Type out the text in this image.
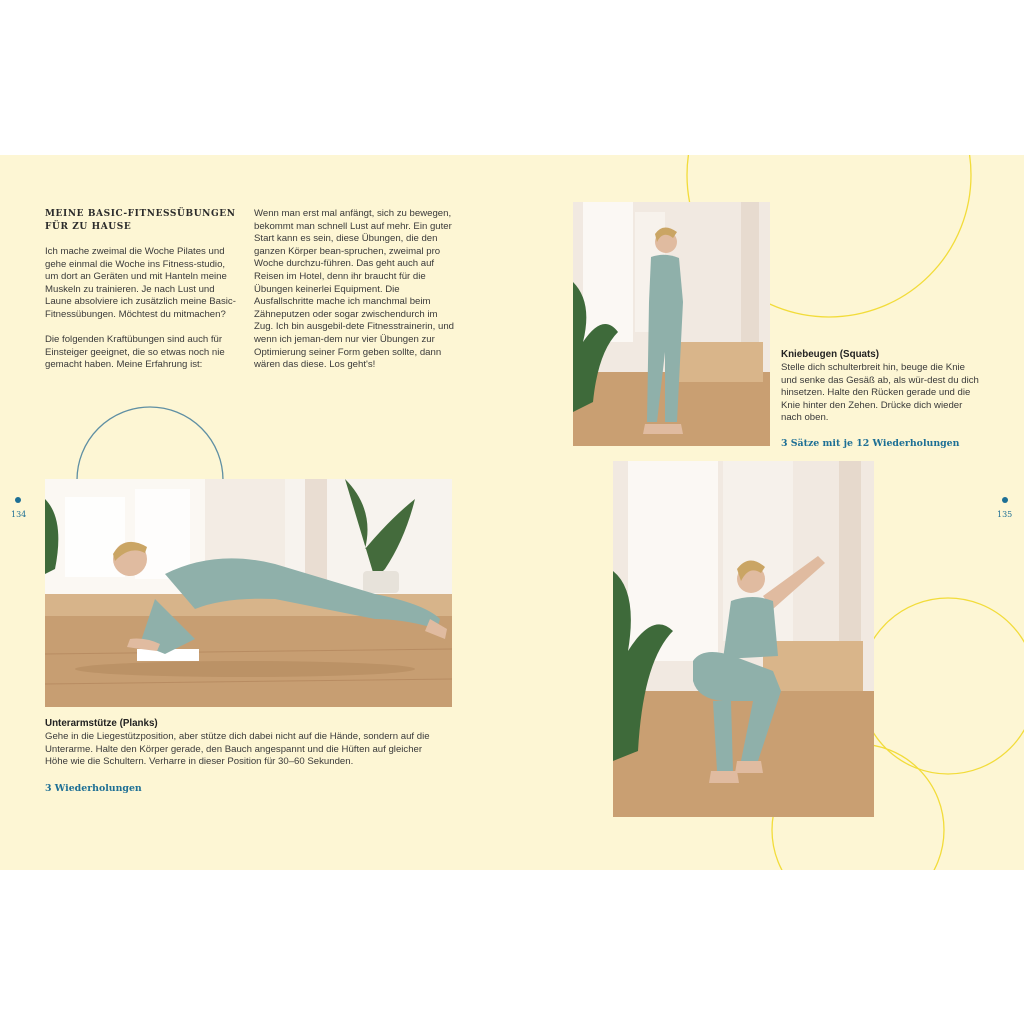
MEINE BASIC-FITNESSÜBUNGEN
FÜR ZU HAUSE

Ich mache zweimal die Woche Pilates und gehe einmal die Woche ins Fitness-studio, um dort an Geräten und mit Hanteln meine Muskeln zu trainieren. Je nach Lust und Laune absolviere ich zusätzlich meine Basic-Fitnessübungen. Möchtest du mitmachen?

Die folgenden Kraftübungen sind auch für Einsteiger geeignet, die so etwas noch nie gemacht haben. Meine Erfahrung ist:

Wenn man erst mal anfängt, sich zu bewegen, bekommt man schnell Lust auf mehr. Ein guter Start kann es sein, diese Übungen, die den ganzen Körper bean-spruchen, zweimal pro Woche durchzu-führen. Das geht auch auf Reisen im Hotel, denn ihr braucht für die Übungen keinerlei Equipment. Die Ausfallschritte mache ich manchmal beim Zähneputzen oder sogar zwischendurch im Zug. Ich bin ausgebil-dete Fitnesstrainerin, und wenn ich jeman-dem nur vier Übungen zur Optimierung seiner Form geben sollte, dann wären das diese. Los geht's!

Unterarmstütze (Planks)
Gehe in die Liegestützposition, aber stütze dich dabei nicht auf die Hände, sondern auf die Unterarme. Halte den Körper gerade, den Bauch angespannt und die Hüften auf gleicher Höhe wie die Schultern. Verharre in dieser Position für 30–60 Sekunden.
3 Wiederholungen
Kniebeugen (Squats)
Stelle dich schulterbreit hin, beuge die Knie und senke das Gesäß ab, als wür-dest du dich hinsetzen. Halte den Rücken gerade und die Knie hinter den Zehen. Drücke dich wieder nach oben.
3 Sätze mit je 12 Wiederholungen
134	135
